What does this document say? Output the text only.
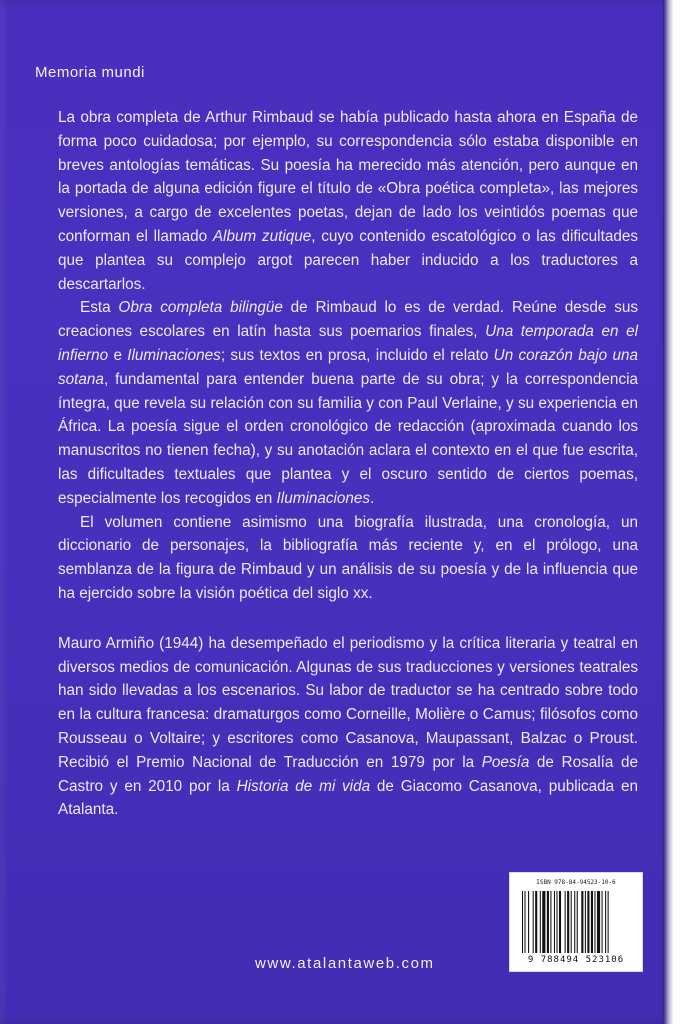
Memoria mundi

La obra completa de Arthur Rimbaud se había publicado hasta ahora en España de forma poco cuidadosa; por ejemplo, su correspondencia sólo estaba disponible en breves antologías temáticas. Su poesía ha merecido más atención, pero aunque en la portada de alguna edición figure el título de «Obra poética completa», las mejores versiones, a cargo de excelentes poetas, dejan de lado los veintidós poemas que conforman el llamado Album zutique, cuyo contenido escatológico o las dificultades que plantea su complejo argot parecen haber inducido a los traductores a descartarlos.

Esta Obra completa bilingüe de Rimbaud lo es de verdad. Reúne desde sus creaciones escolares en latín hasta sus poemarios finales, Una temporada en el infierno e Iluminaciones; sus textos en prosa, incluido el relato Un corazón bajo una sotana, fundamental para entender buena parte de su obra; y la correspondencia íntegra, que revela su relación con su familia y con Paul Verlaine, y su experiencia en África. La poesía sigue el orden cronológico de redacción (aproximada cuando los manuscritos no tienen fecha), y su anotación aclara el contexto en el que fue escrita, las dificultades textuales que plantea y el oscuro sentido de ciertos poemas, especialmente los recogidos en Iluminaciones.

El volumen contiene asimismo una biografía ilustrada, una cronología, un diccionario de personajes, la bibliografía más reciente y, en el prólogo, una semblanza de la figura de Rimbaud y un análisis de su poesía y de la influencia que ha ejercido sobre la visión poética del siglo xx.

Mauro Armiño (1944) ha desempeñado el periodismo y la crítica literaria y teatral en diversos medios de comunicación. Algunas de sus traducciones y versiones teatrales han sido llevadas a los escenarios. Su labor de traductor se ha centrado sobre todo en la cultura francesa: dramaturgos como Corneille, Molière o Camus; filósofos como Rousseau o Voltaire; y escritores como Casanova, Maupassant, Balzac o Proust. Recibió el Premio Nacional de Traducción en 1979 por la Poesía de Rosalía de Castro y en 2010 por la Historia de mi vida de Giacomo Casanova, publicada en Atalanta.

ISBN 978-84-94523-10-6
9 788494 523106
www.atalantaweb.com
